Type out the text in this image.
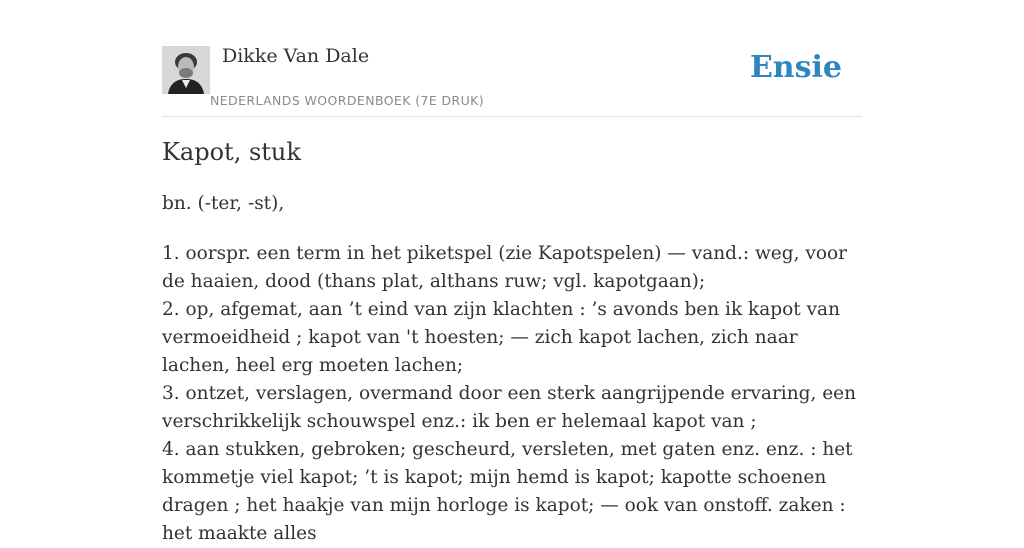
Dikke Van Dale
NEDERLANDS WOORDENBOEK (7E DRUK)
Ensie
Kapot, stuk

bn. (-ter, -st),

1. oorspr. een term in het piketspel (zie Kapotspelen) — vand.: weg, voor de haaien, dood (thans plat, althans ruw; vgl. kapotgaan);

2. op, afgemat, aan ’t eind van zijn klachten : ’s avonds ben ik kapot van vermoeidheid ; kapot van 't hoesten; — zich kapot lachen, zich naar lachen, heel erg moeten lachen;

3. ontzet, verslagen, overmand door een sterk aangrijpende ervaring, een verschrikkelijk schouwspel enz.: ik ben er helemaal kapot van ;

4. aan stukken, gebroken; gescheurd, versleten, met gaten enz. enz. : het kommetje viel kapot; ’t is kapot; mijn hemd is kapot; kapotte schoenen dragen ; het haakje van mijn horloge is kapot; — ook van onstoff. zaken : het maakte alles
